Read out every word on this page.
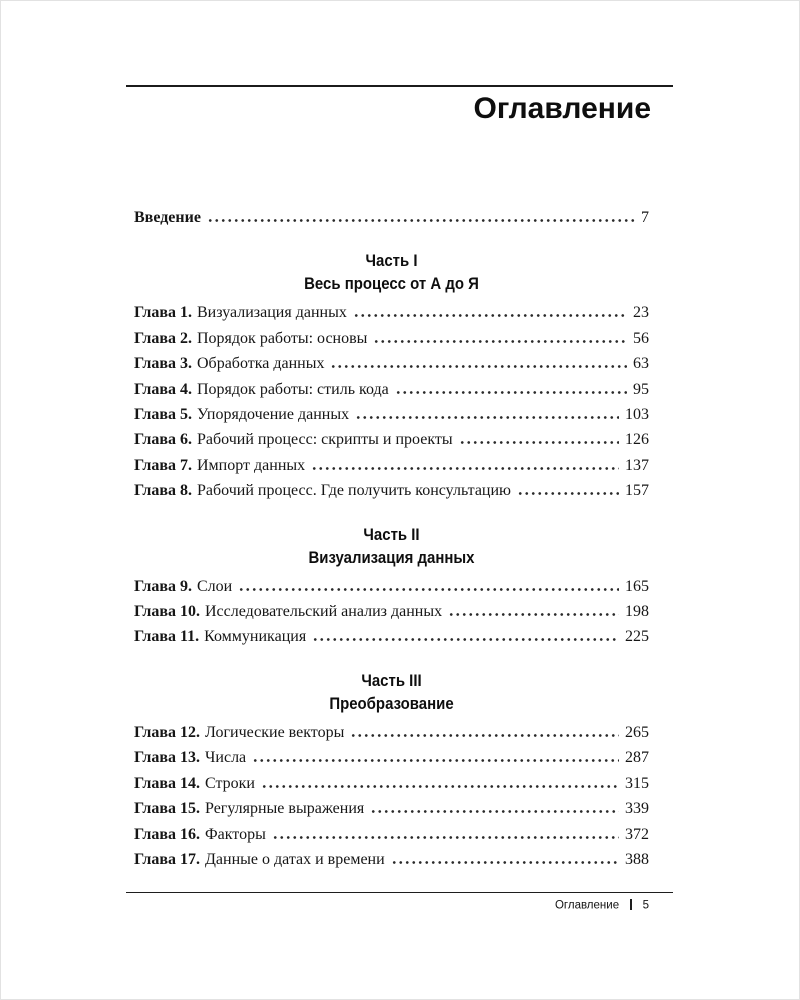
Оглавление
Введение	7
Часть I
Весь процесс от А до Я
Глава 1. Визуализация данных	23
Глава 2. Порядок работы: основы	56
Глава 3. Обработка данных	63
Глава 4. Порядок работы: стиль кода	95
Глава 5. Упорядочение данных	103
Глава 6. Рабочий процесс: скрипты и проекты	126
Глава 7. Импорт данных	137
Глава 8. Рабочий процесс. Где получить консультацию	157
Часть II
Визуализация данных
Глава 9. Слои	165
Глава 10. Исследовательский анализ данных	198
Глава 11. Коммуникация	225
Часть III
Преобразование
Глава 12. Логические векторы	265
Глава 13. Числа	287
Глава 14. Строки	315
Глава 15. Регулярные выражения	339
Глава 16. Факторы	372
Глава 17. Данные о датах и времени	388
Оглавление 5
